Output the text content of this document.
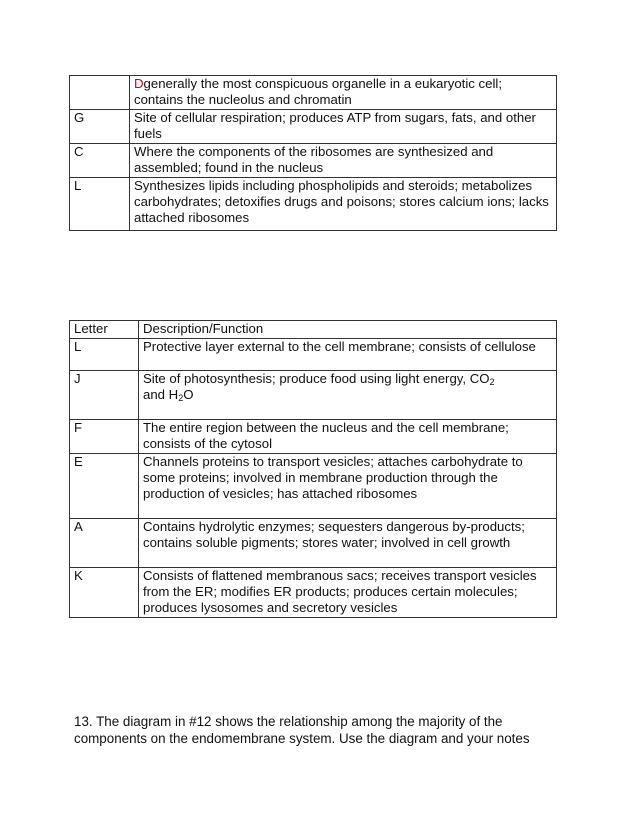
	Dgenerally the most conspicuous organelle in a eukaryotic cell; contains the nucleolus and chromatin
G	Site of cellular respiration; produces ATP from sugars, fats, and other fuels
C	Where the components of the ribosomes are synthesized and assembled; found in the nucleus
L	Synthesizes lipids including phospholipids and steroids; metabolizes carbohydrates; detoxifies drugs and poisons; stores calcium ions; lacks attached ribosomes
Letter	Description/Function
L	Protective layer external to the cell membrane; consists of cellulose
J	Site of photosynthesis; produce food using light energy, $CO_2$
and $H_2O$
F	The entire region between the nucleus and the cell membrane; consists of the cytosol
E	Channels proteins to transport vesicles; attaches carbohydrate to some proteins; involved in membrane production through the production of vesicles; has attached ribosomes
A	Contains hydrolytic enzymes; sequesters dangerous by-products; contains soluble pigments; stores water; involved in cell growth
K	Consists of flattened membranous sacs; receives transport vesicles from the ER; modifies ER products; produces certain molecules; produces lysosomes and secretory vesicles

13. The diagram in #12 shows the relationship among the majority of the components on the endomembrane system. Use the diagram and your notes
